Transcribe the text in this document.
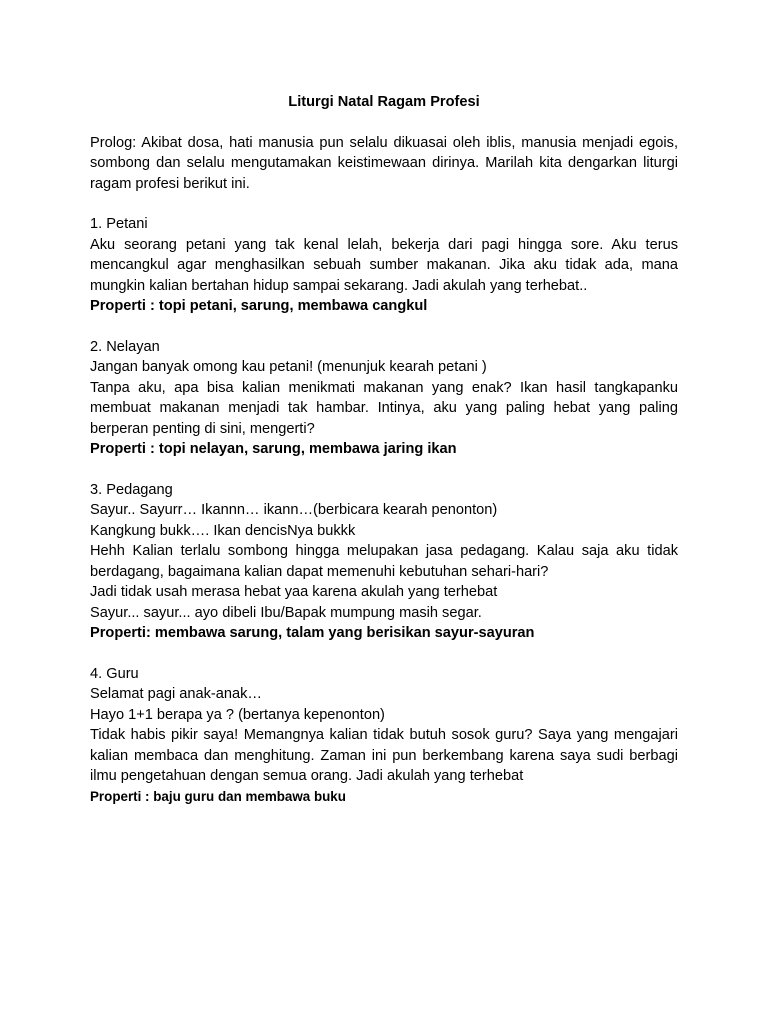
Liturgi Natal Ragam Profesi

Prolog: Akibat dosa, hati manusia pun selalu dikuasai oleh iblis, manusia menjadi egois, sombong dan selalu mengutamakan keistimewaan dirinya. Marilah kita dengarkan liturgi ragam profesi berikut ini.

1. Petani

Aku seorang petani yang tak kenal lelah, bekerja dari pagi hingga sore. Aku terus mencangkul agar menghasilkan sebuah sumber makanan. Jika aku tidak ada, mana mungkin kalian bertahan hidup sampai sekarang. Jadi akulah yang terhebat..

Properti : topi petani, sarung, membawa cangkul

2. Nelayan

Jangan banyak omong kau petani! (menunjuk kearah petani )

Tanpa aku, apa bisa kalian menikmati makanan yang enak? Ikan hasil tangkapanku membuat makanan menjadi tak hambar. Intinya, aku yang paling hebat yang paling berperan penting di sini, mengerti?

Properti : topi nelayan, sarung, membawa jaring ikan

3. Pedagang

Sayur.. Sayurr… Ikannn… ikann…(berbicara kearah penonton)

Kangkung bukk…. Ikan dencisNya bukkk

Hehh Kalian terlalu sombong hingga melupakan jasa pedagang. Kalau saja aku tidak berdagang, bagaimana kalian dapat memenuhi kebutuhan sehari-hari?

Jadi tidak usah merasa hebat yaa karena akulah yang terhebat

Sayur... sayur... ayo dibeli Ibu/Bapak mumpung masih segar.

Properti: membawa sarung, talam yang berisikan sayur-sayuran

4. Guru

Selamat pagi anak-anak…

Hayo 1+1 berapa ya ? (bertanya kepenonton)

Tidak habis pikir saya! Memangnya kalian tidak butuh sosok guru? Saya yang mengajari kalian membaca dan menghitung. Zaman ini pun berkembang karena saya sudi berbagi ilmu pengetahuan dengan semua orang. Jadi akulah yang terhebat

Properti : baju guru dan membawa buku
